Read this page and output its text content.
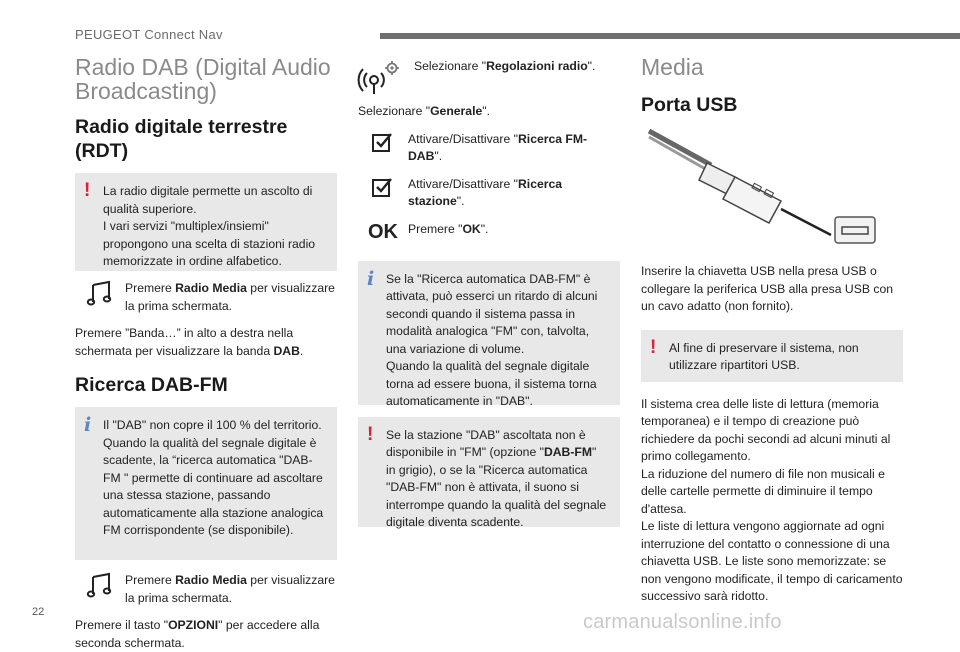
PEUGEOT Connect Nav
Radio DAB (Digital Audio Broadcasting)
Radio digitale terrestre (RDT)
! La radio digitale permette un ascolto di qualità superiore.
I vari servizi "multiplex/insiemi" propongono una scelta di stazioni radio memorizzate in ordine alfabetico.
Premere Radio Media per visualizzare la prima schermata.
Premere ”Banda…” in alto a destra nella schermata per visualizzare la banda DAB.
Ricerca DAB-FM
i Il "DAB" non copre il 100 % del territorio.
Quando la qualità del segnale digitale è scadente, la “ricerca automatica "DAB-FM " permette di continuare ad ascoltare una stessa stazione, passando automaticamente alla stazione analogica FM corrispondente (se disponibile).
Premere Radio Media per visualizzare la prima schermata.
Premere il tasto "OPZIONI" per accedere alla seconda schermata.
Selezionare "Regolazioni radio".
Selezionare "Generale".
Attivare/Disattivare "Ricerca FM-DAB".
Attivare/Disattivare "Ricerca stazione".
OK Premere "OK".
i Se la "Ricerca automatica DAB-FM" è attivata, può esserci un ritardo di alcuni secondi quando il sistema passa in modalità analogica "FM" con, talvolta, una variazione di volume.
Quando la qualità del segnale digitale torna ad essere buona, il sistema torna automaticamente in "DAB".
! Se la stazione "DAB" ascoltata non è disponibile in "FM" (opzione "DAB-FM" in grigio), o se la "Ricerca automatica "DAB-FM" non è attivata, il suono si interrompe quando la qualità del segnale digitale diventa scadente.
Media
Porta USB
Inserire la chiavetta USB nella presa USB o collegare la periferica USB alla presa USB con un cavo adatto (non fornito).
! Al fine di preservare il sistema, non utilizzare ripartitori USB.
Il sistema crea delle liste di lettura (memoria temporanea) e il tempo di creazione può richiedere da pochi secondi ad alcuni minuti al primo collegamento.
La riduzione del numero di file non musicali e delle cartelle permette di diminuire il tempo d'attesa.
Le liste di lettura vengono aggiornate ad ogni interruzione del contatto o connessione di una chiavetta USB. Le liste sono memorizzate: se non vengono modificate, il tempo di caricamento successivo sarà ridotto.
22	carmanualsonline.info
